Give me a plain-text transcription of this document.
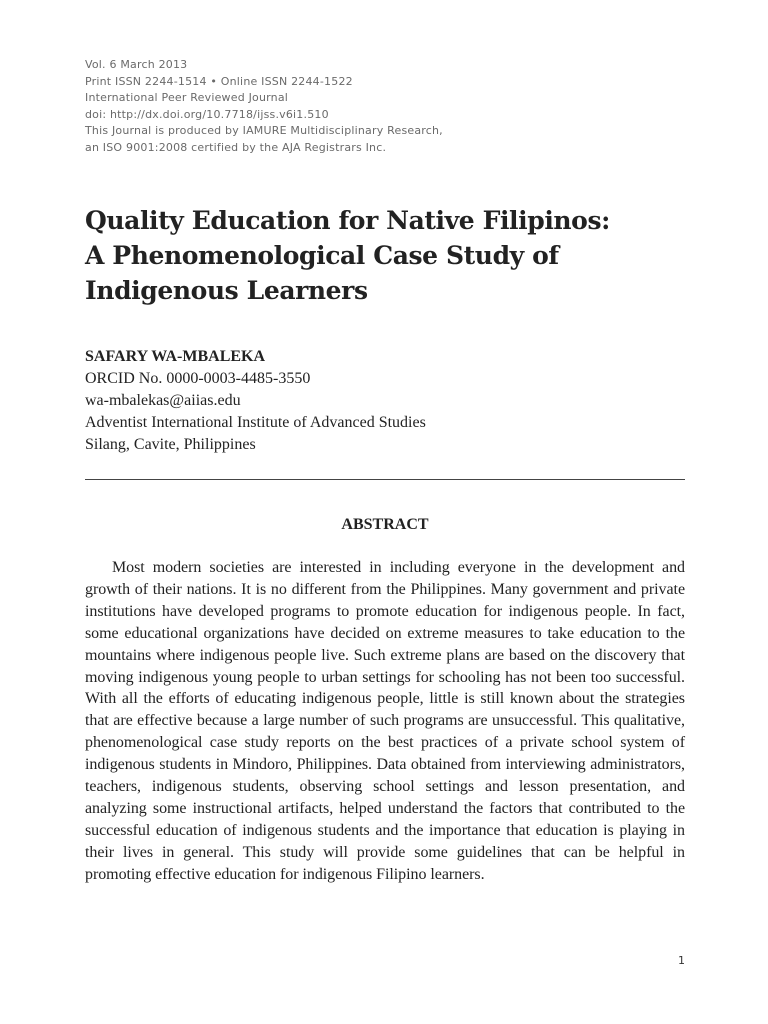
Vol. 6 March 2013
Print ISSN 2244-1514 • Online ISSN 2244-1522
International Peer Reviewed Journal
doi: http://dx.doi.org/10.7718/ijss.v6i1.510
This Journal is produced by IAMURE Multidisciplinary Research,
an ISO 9001:2008 certified by the AJA Registrars Inc.
Quality Education for Native Filipinos:
A Phenomenological Case Study of
Indigenous Learners
SAFARY WA-MBALEKA
ORCID No. 0000-0003-4485-3550
wa-mbalekas@aiias.edu
Adventist International Institute of Advanced Studies
Silang, Cavite, Philippines
ABSTRACT

Most modern societies are interested in including everyone in the development and growth of their nations. It is no different from the Philippines. Many government and private institutions have developed programs to promote education for indigenous people. In fact, some educational organizations have decided on extreme measures to take education to the mountains where indigenous people live. Such extreme plans are based on the discovery that moving indigenous young people to urban settings for schooling has not been too successful. With all the efforts of educating indigenous people, little is still known about the strategies that are effective because a large number of such programs are unsuccessful. This qualitative, phenomenological case study reports on the best practices of a private school system of indigenous students in Mindoro, Philippines. Data obtained from interviewing administrators, teachers, indigenous students, observing school settings and lesson presentation, and analyzing some instructional artifacts, helped understand the factors that contributed to the successful education of indigenous students and the importance that education is playing in their lives in general. This study will provide some guidelines that can be helpful in promoting effective education for indigenous Filipino learners.

1
